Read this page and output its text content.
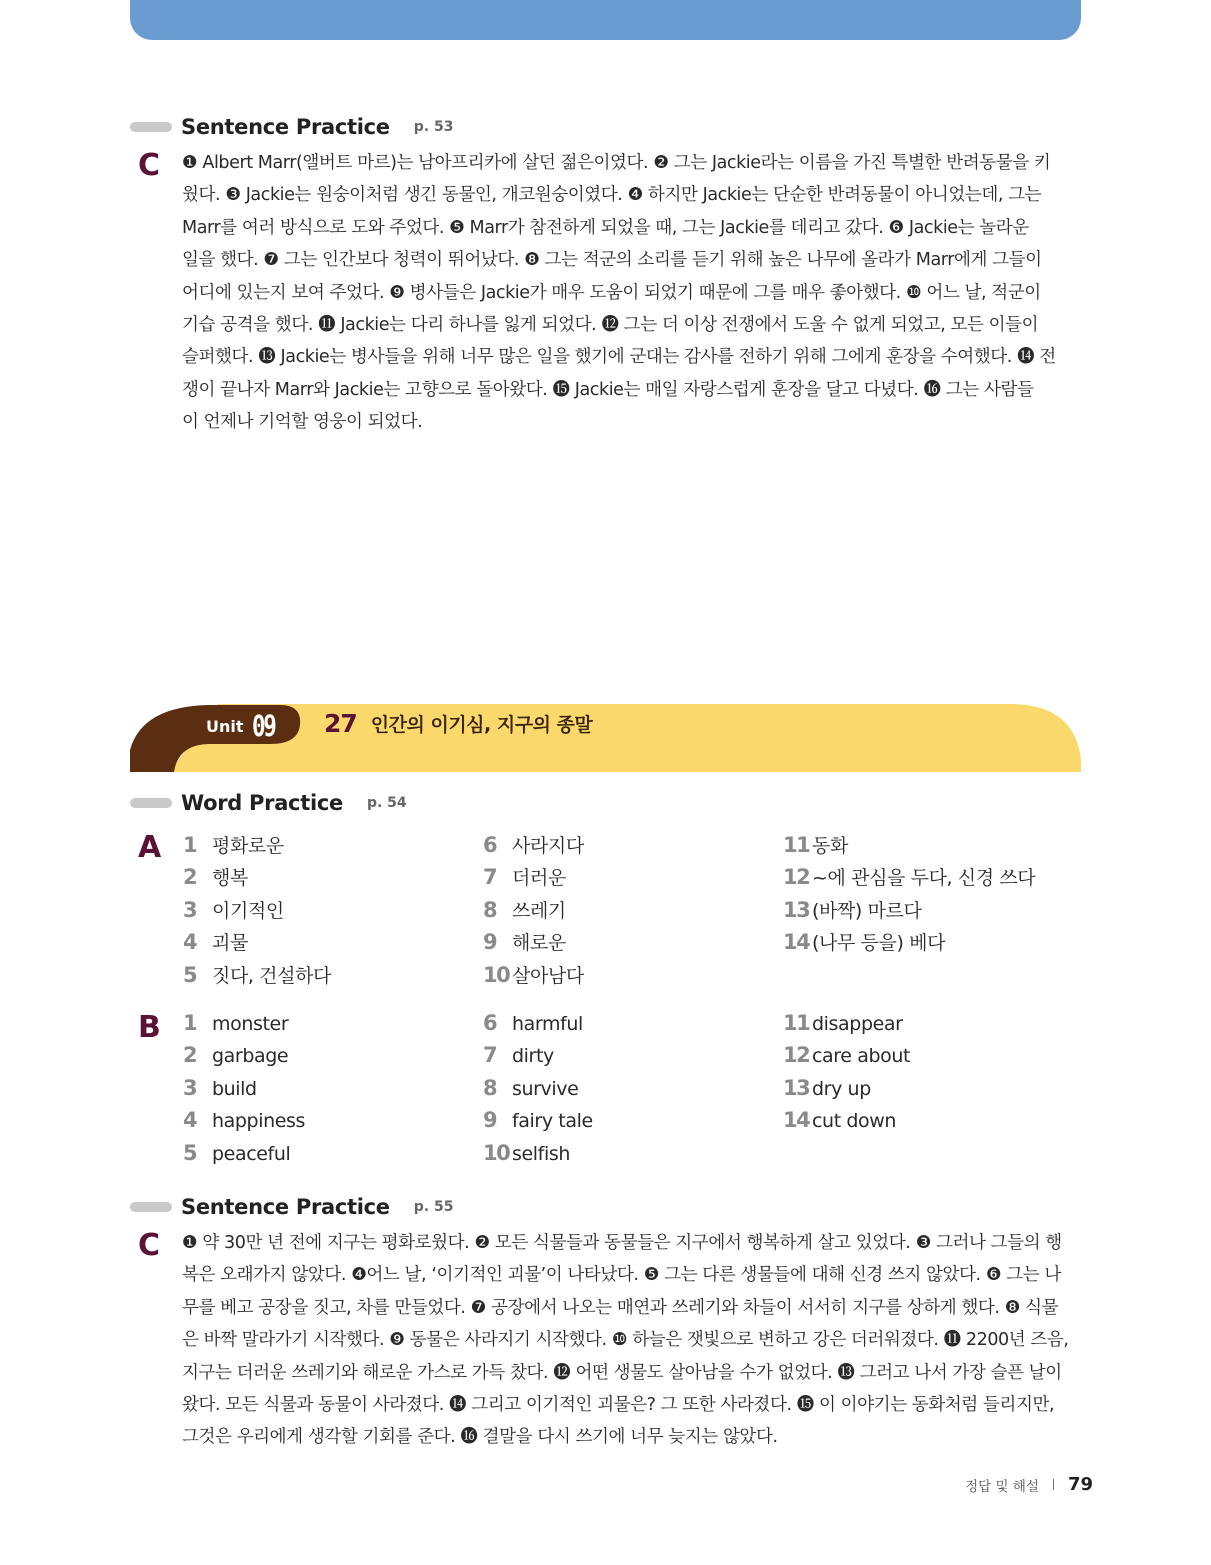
Sentence Practice p. 53
C ❶ Albert Marr(앨버트 마르)는 남아프리카에 살던 젊은이였다. ❷ 그는 Jackie라는 이름을 가진 특별한 반려동물을 키
웠다. ❸ Jackie는 원숭이처럼 생긴 동물인, 개코원숭이였다. ❹ 하지만 Jackie는 단순한 반려동물이 아니었는데, 그는
Marr를 여러 방식으로 도와 주었다. ❺ Marr가 참전하게 되었을 때, 그는 Jackie를 데리고 갔다. ❻ Jackie는 놀라운
일을 했다. ❼ 그는 인간보다 청력이 뛰어났다. ❽ 그는 적군의 소리를 듣기 위해 높은 나무에 올라가 Marr에게 그들이
어디에 있는지 보여 주었다. ❾ 병사들은 Jackie가 매우 도움이 되었기 때문에 그를 매우 좋아했다. ❿ 어느 날, 적군이
기습 공격을 했다. ⓫ Jackie는 다리 하나를 잃게 되었다. ⓬ 그는 더 이상 전쟁에서 도울 수 없게 되었고, 모든 이들이
슬퍼했다. ⓭ Jackie는 병사들을 위해 너무 많은 일을 했기에 군대는 감사를 전하기 위해 그에게 훈장을 수여했다. ⓮ 전
쟁이 끝나자 Marr와 Jackie는 고향으로 돌아왔다. ⓯ Jackie는 매일 자랑스럽게 훈장을 달고 다녔다. ⓰ 그는 사람들
이 언제나 기억할 영웅이 되었다.
Unit 09 27 인간의 이기심, 지구의 종말
Word Practice p. 54
A 1 평화로운
2 행복
3 이기적인
4 괴물
5 짓다, 건설하다
6 사라지다
7 더러운
8 쓰레기
9 해로운
10 살아남다
11 동화
12 ~에 관심을 두다, 신경 쓰다
13 (바짝) 마르다
14 (나무 등을) 베다
B 1 monster
2 garbage
3 build
4 happiness
5 peaceful
6 harmful
7 dirty
8 survive
9 fairy tale
10 selfish
11 disappear
12 care about
13 dry up
14 cut down
Sentence Practice p. 55
C ❶ 약 30만 년 전에 지구는 평화로웠다. ❷ 모든 식물들과 동물들은 지구에서 행복하게 살고 있었다. ❸ 그러나 그들의 행
복은 오래가지 않았다. ❹어느 날, ‘이기적인 괴물’이 나타났다. ❺ 그는 다른 생물들에 대해 신경 쓰지 않았다. ❻ 그는 나
무를 베고 공장을 짓고, 차를 만들었다. ❼ 공장에서 나오는 매연과 쓰레기와 차들이 서서히 지구를 상하게 했다. ❽ 식물
은 바짝 말라가기 시작했다. ❾ 동물은 사라지기 시작했다. ❿ 하늘은 잿빛으로 변하고 강은 더러워졌다. ⓫ 2200년 즈음,
지구는 더러운 쓰레기와 해로운 가스로 가득 찼다. ⓬ 어떤 생물도 살아남을 수가 없었다. ⓭ 그러고 나서 가장 슬픈 날이
왔다. 모든 식물과 동물이 사라졌다. ⓮ 그리고 이기적인 괴물은? 그 또한 사라졌다. ⓯ 이 이야기는 동화처럼 들리지만,
그것은 우리에게 생각할 기회를 준다. ⓰ 결말을 다시 쓰기에 너무 늦지는 않았다.
정답 및 해설 79
